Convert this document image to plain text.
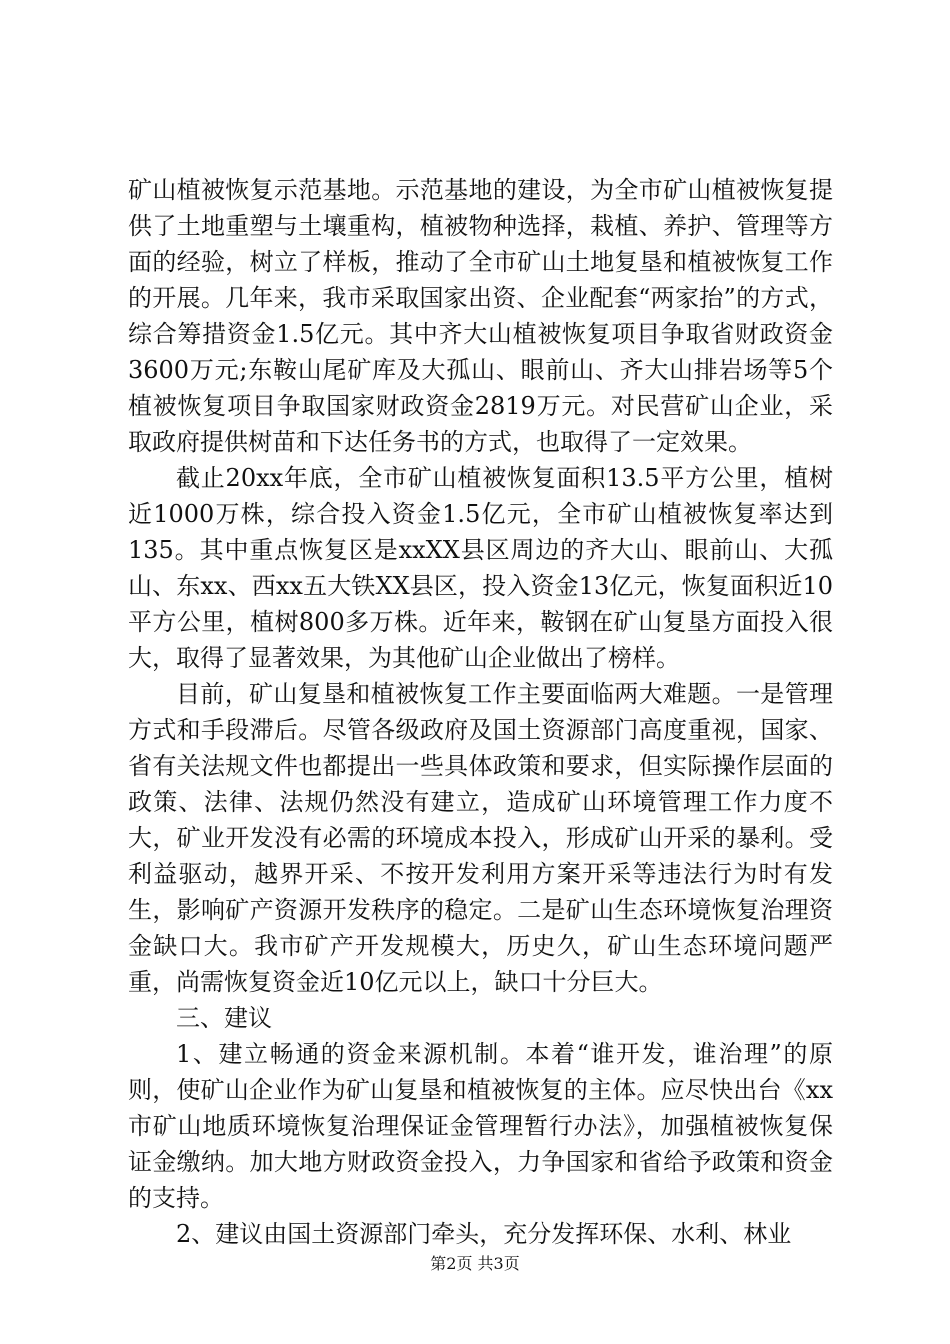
矿山植被恢复示范基地。示范基地的建设，为全市矿山植被恢复提供了土地重塑与土壤重构，植被物种选择，栽植、养护、管理等方面的经验，树立了样板，推动了全市矿山土地复垦和植被恢复工作的开展。几年来，我市采取国家出资、企业配套“两家抬”的方式，综合筹措资金1.5亿元。其中齐大山植被恢复项目争取省财政资金3600万元;东鞍山尾矿库及大孤山、眼前山、齐大山排岩场等5个植被恢复项目争取国家财政资金2819万元。对民营矿山企业，采取政府提供树苗和下达任务书的方式，也取得了一定效果。

截止20xx年底，全市矿山植被恢复面积13.5平方公里，植树近1000万株，综合投入资金1.5亿元，全市矿山植被恢复率达到135。其中重点恢复区是xxXX县区周边的齐大山、眼前山、大孤山、东xx、西xx五大铁XX县区，投入资金13亿元，恢复面积近10平方公里，植树800多万株。近年来，鞍钢在矿山复垦方面投入很大，取得了显著效果，为其他矿山企业做出了榜样。

目前，矿山复垦和植被恢复工作主要面临两大难题。一是管理方式和手段滞后。尽管各级政府及国土资源部门高度重视，国家、省有关法规文件也都提出一些具体政策和要求，但实际操作层面的政策、法律、法规仍然没有建立，造成矿山环境管理工作力度不大，矿业开发没有必需的环境成本投入，形成矿山开采的暴利。受利益驱动，越界开采、不按开发利用方案开采等违法行为时有发生，影响矿产资源开发秩序的稳定。二是矿山生态环境恢复治理资金缺口大。我市矿产开发规模大，历史久，矿山生态环境问题严重，尚需恢复资金近10亿元以上，缺口十分巨大。

三、建议

1、建立畅通的资金来源机制。本着“谁开发，谁治理”的原则，使矿山企业作为矿山复垦和植被恢复的主体。应尽快出台《xx市矿山地质环境恢复治理保证金管理暂行办法》，加强植被恢复保证金缴纳。加大地方财政资金投入，力争国家和省给予政策和资金的支持。

2、建议由国土资源部门牵头，充分发挥环保、水利、林业

第2页 共3页
